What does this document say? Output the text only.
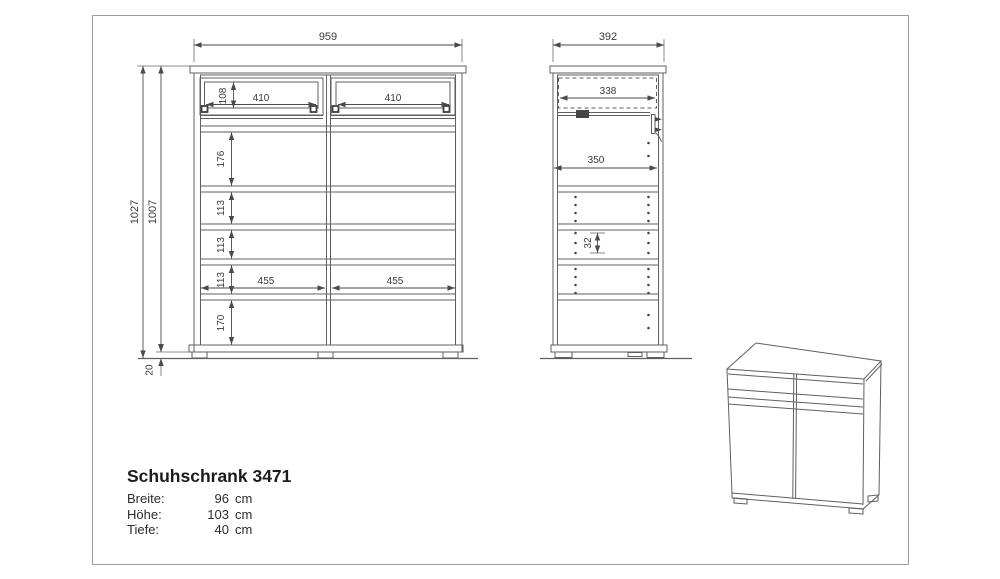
959
1027 1007
20
410	410
108
176
113
113
113
170
455	455
392
338
350
32
Schuhschrank 3471
Breite:	96 cm
Höhe:	103 cm
Tiefe:	40 cm
